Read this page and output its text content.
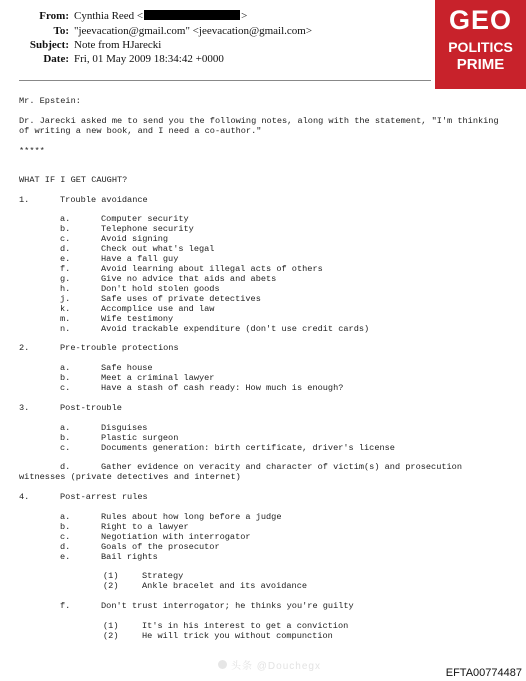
From: Cynthia Reed <	>
To: "jeevacation@gmail.com" <jeevacation@gmail.com>
Subject: Note from HJarecki
Date: Fri, 01 May 2009 18:34:42 +0000
GEO
POLITICS
PRIME
Mr. Epstein:
Dr. Jarecki asked me to send you the following notes, along with the statement, "I'm thinking
of writing a new book, and I need a co-author."
*****
WHAT IF I GET CAUGHT?
1.	Trouble avoidance
a.	Computer security
b.	Telephone security
c.	Avoid signing
d.	Check out what's legal
e.	Have a fall guy
f.	Avoid learning about illegal acts of others
g.	Give no advice that aids and abets
h.	Don't hold stolen goods
j.	Safe uses of private detectives
k.	Accomplice use and law
m.	Wife testimony
n.	Avoid trackable expenditure (don't use credit cards)
2.	Pre-trouble protections
a.	Safe house
b.	Meet a criminal lawyer
c.	Have a stash of cash ready: How much is enough?
3.	Post-trouble
a.	Disguises
b.	Plastic surgeon
c.	Documents generation: birth certificate, driver's license
d.	Gather evidence on veracity and character of victim(s) and prosecution
witnesses (private detectives and internet)
4.	Post-arrest rules
a.	Rules about how long before a judge
b.	Right to a lawyer
c.	Negotiation with interrogator
d.	Goals of the prosecutor
e.	Bail rights
(1)	Strategy
(2)	Ankle bracelet and its avoidance
f.	Don't trust interrogator; he thinks you're guilty
(1)	It's in his interest to get a conviction
(2)	He will trick you without compunction
头条 @Douchegx
EFTA00774487
